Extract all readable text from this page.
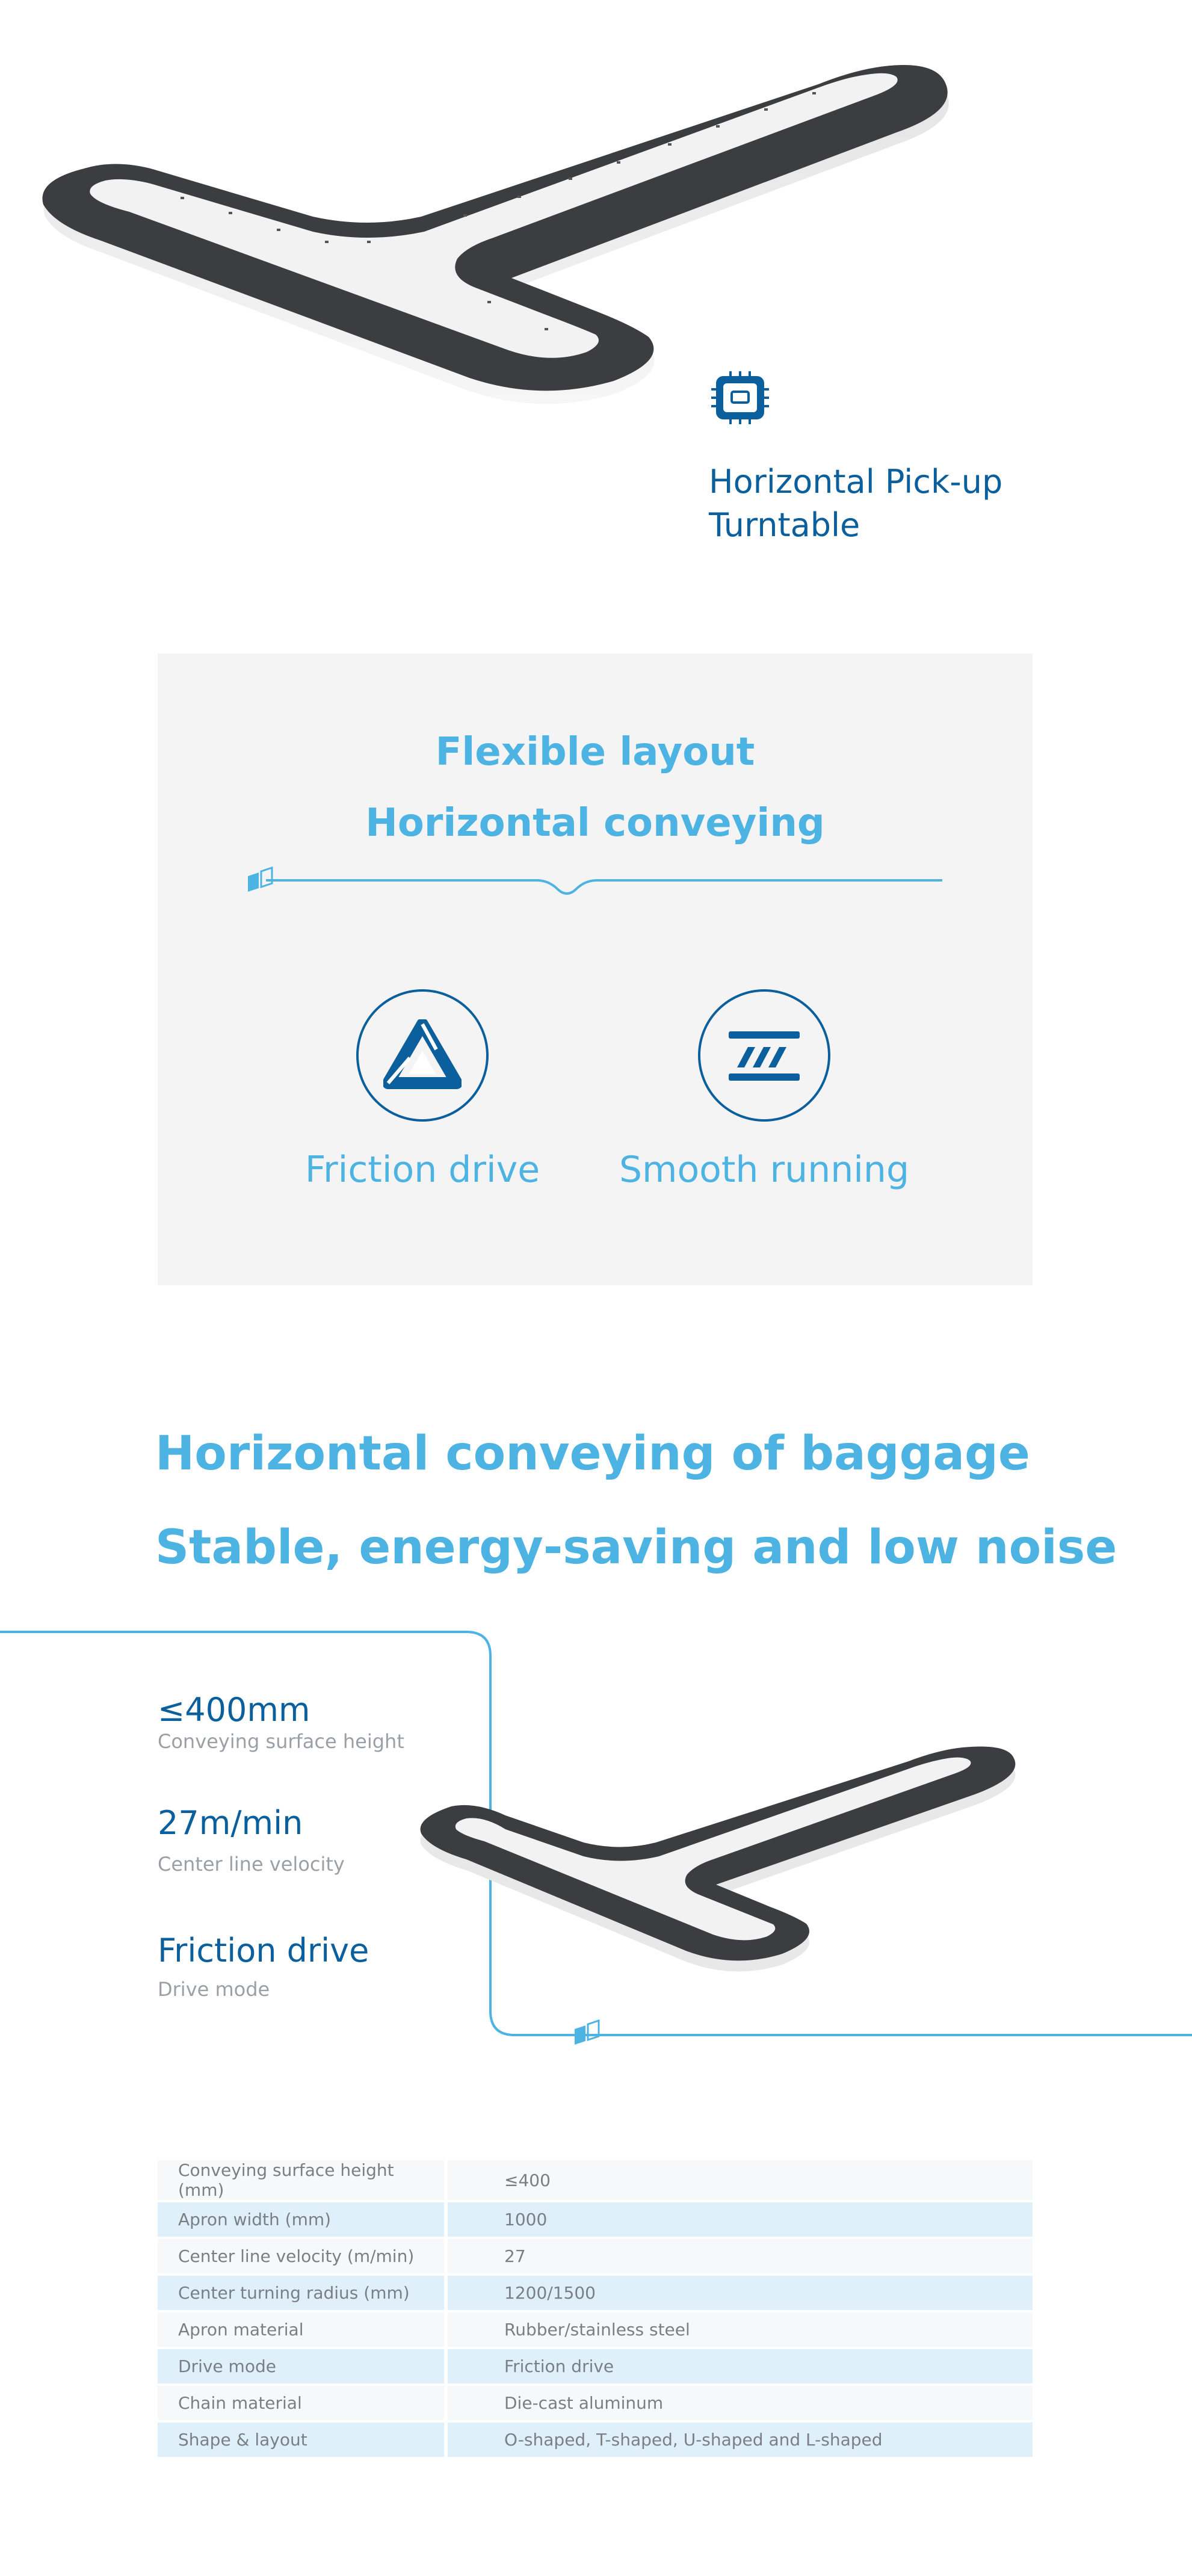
Horizontal Pick-up
Turntable
Flexible layout
Horizontal conveying
Friction drive	Smooth running
Horizontal conveying of baggage
Stable, energy-saving and low noise
≤400mm
Conveying surface height
27m/min
Center line velocity
Friction drive
Drive mode
Conveying surface height (mm)	≤400
Apron width (mm)	1000
Center line velocity (m/min)	27
Center turning radius (mm)	1200/1500
Apron material	Rubber/stainless steel
Drive mode	Friction drive
Chain material	Die-cast aluminum
Shape & layout	O-shaped, T-shaped, U-shaped and L-shaped
